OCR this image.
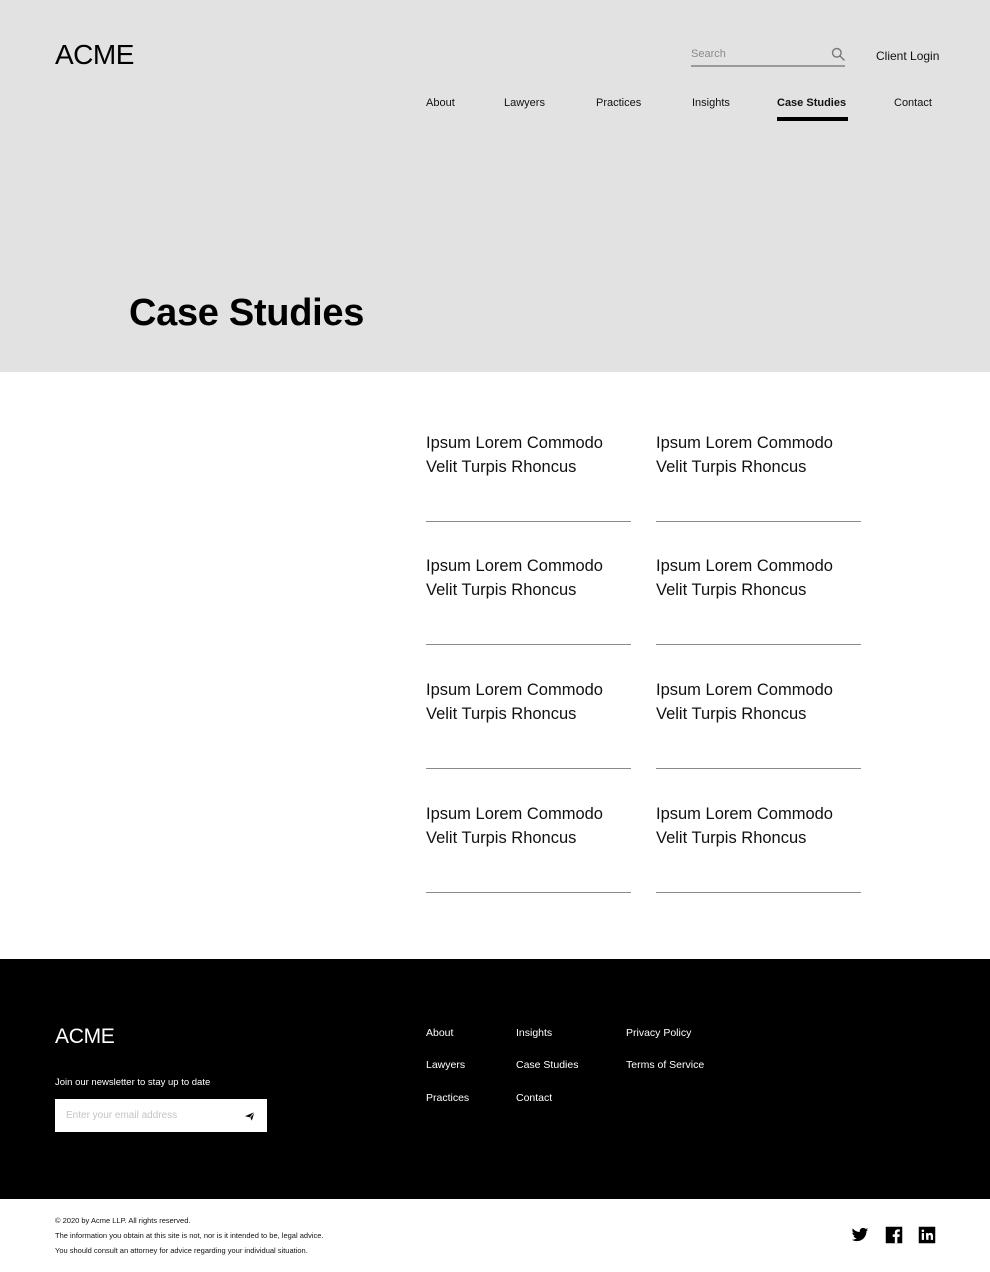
ACME
Search	Client Login
About	Lawyers	Practices	Insights	Case Studies	Contact
Case Studies
Ipsum Lorem Commodo
Velit Turpis Rhoncus
Ipsum Lorem Commodo
Velit Turpis Rhoncus
Ipsum Lorem Commodo
Velit Turpis Rhoncus
Ipsum Lorem Commodo
Velit Turpis Rhoncus
Ipsum Lorem Commodo
Velit Turpis Rhoncus
Ipsum Lorem Commodo
Velit Turpis Rhoncus
Ipsum Lorem Commodo
Velit Turpis Rhoncus
Ipsum Lorem Commodo
Velit Turpis Rhoncus
ACME
Join our newsletter to stay up to date
Enter your email address
About
Lawyers
Practices
Insights
Case Studies
Contact
Privacy Policy
Terms of Service
© 2020 by Acme LLP. All rights reserved.
The information you obtain at this site is not, nor is it intended to be, legal advice.
You should consult an attorney for advice regarding your individual situation.
